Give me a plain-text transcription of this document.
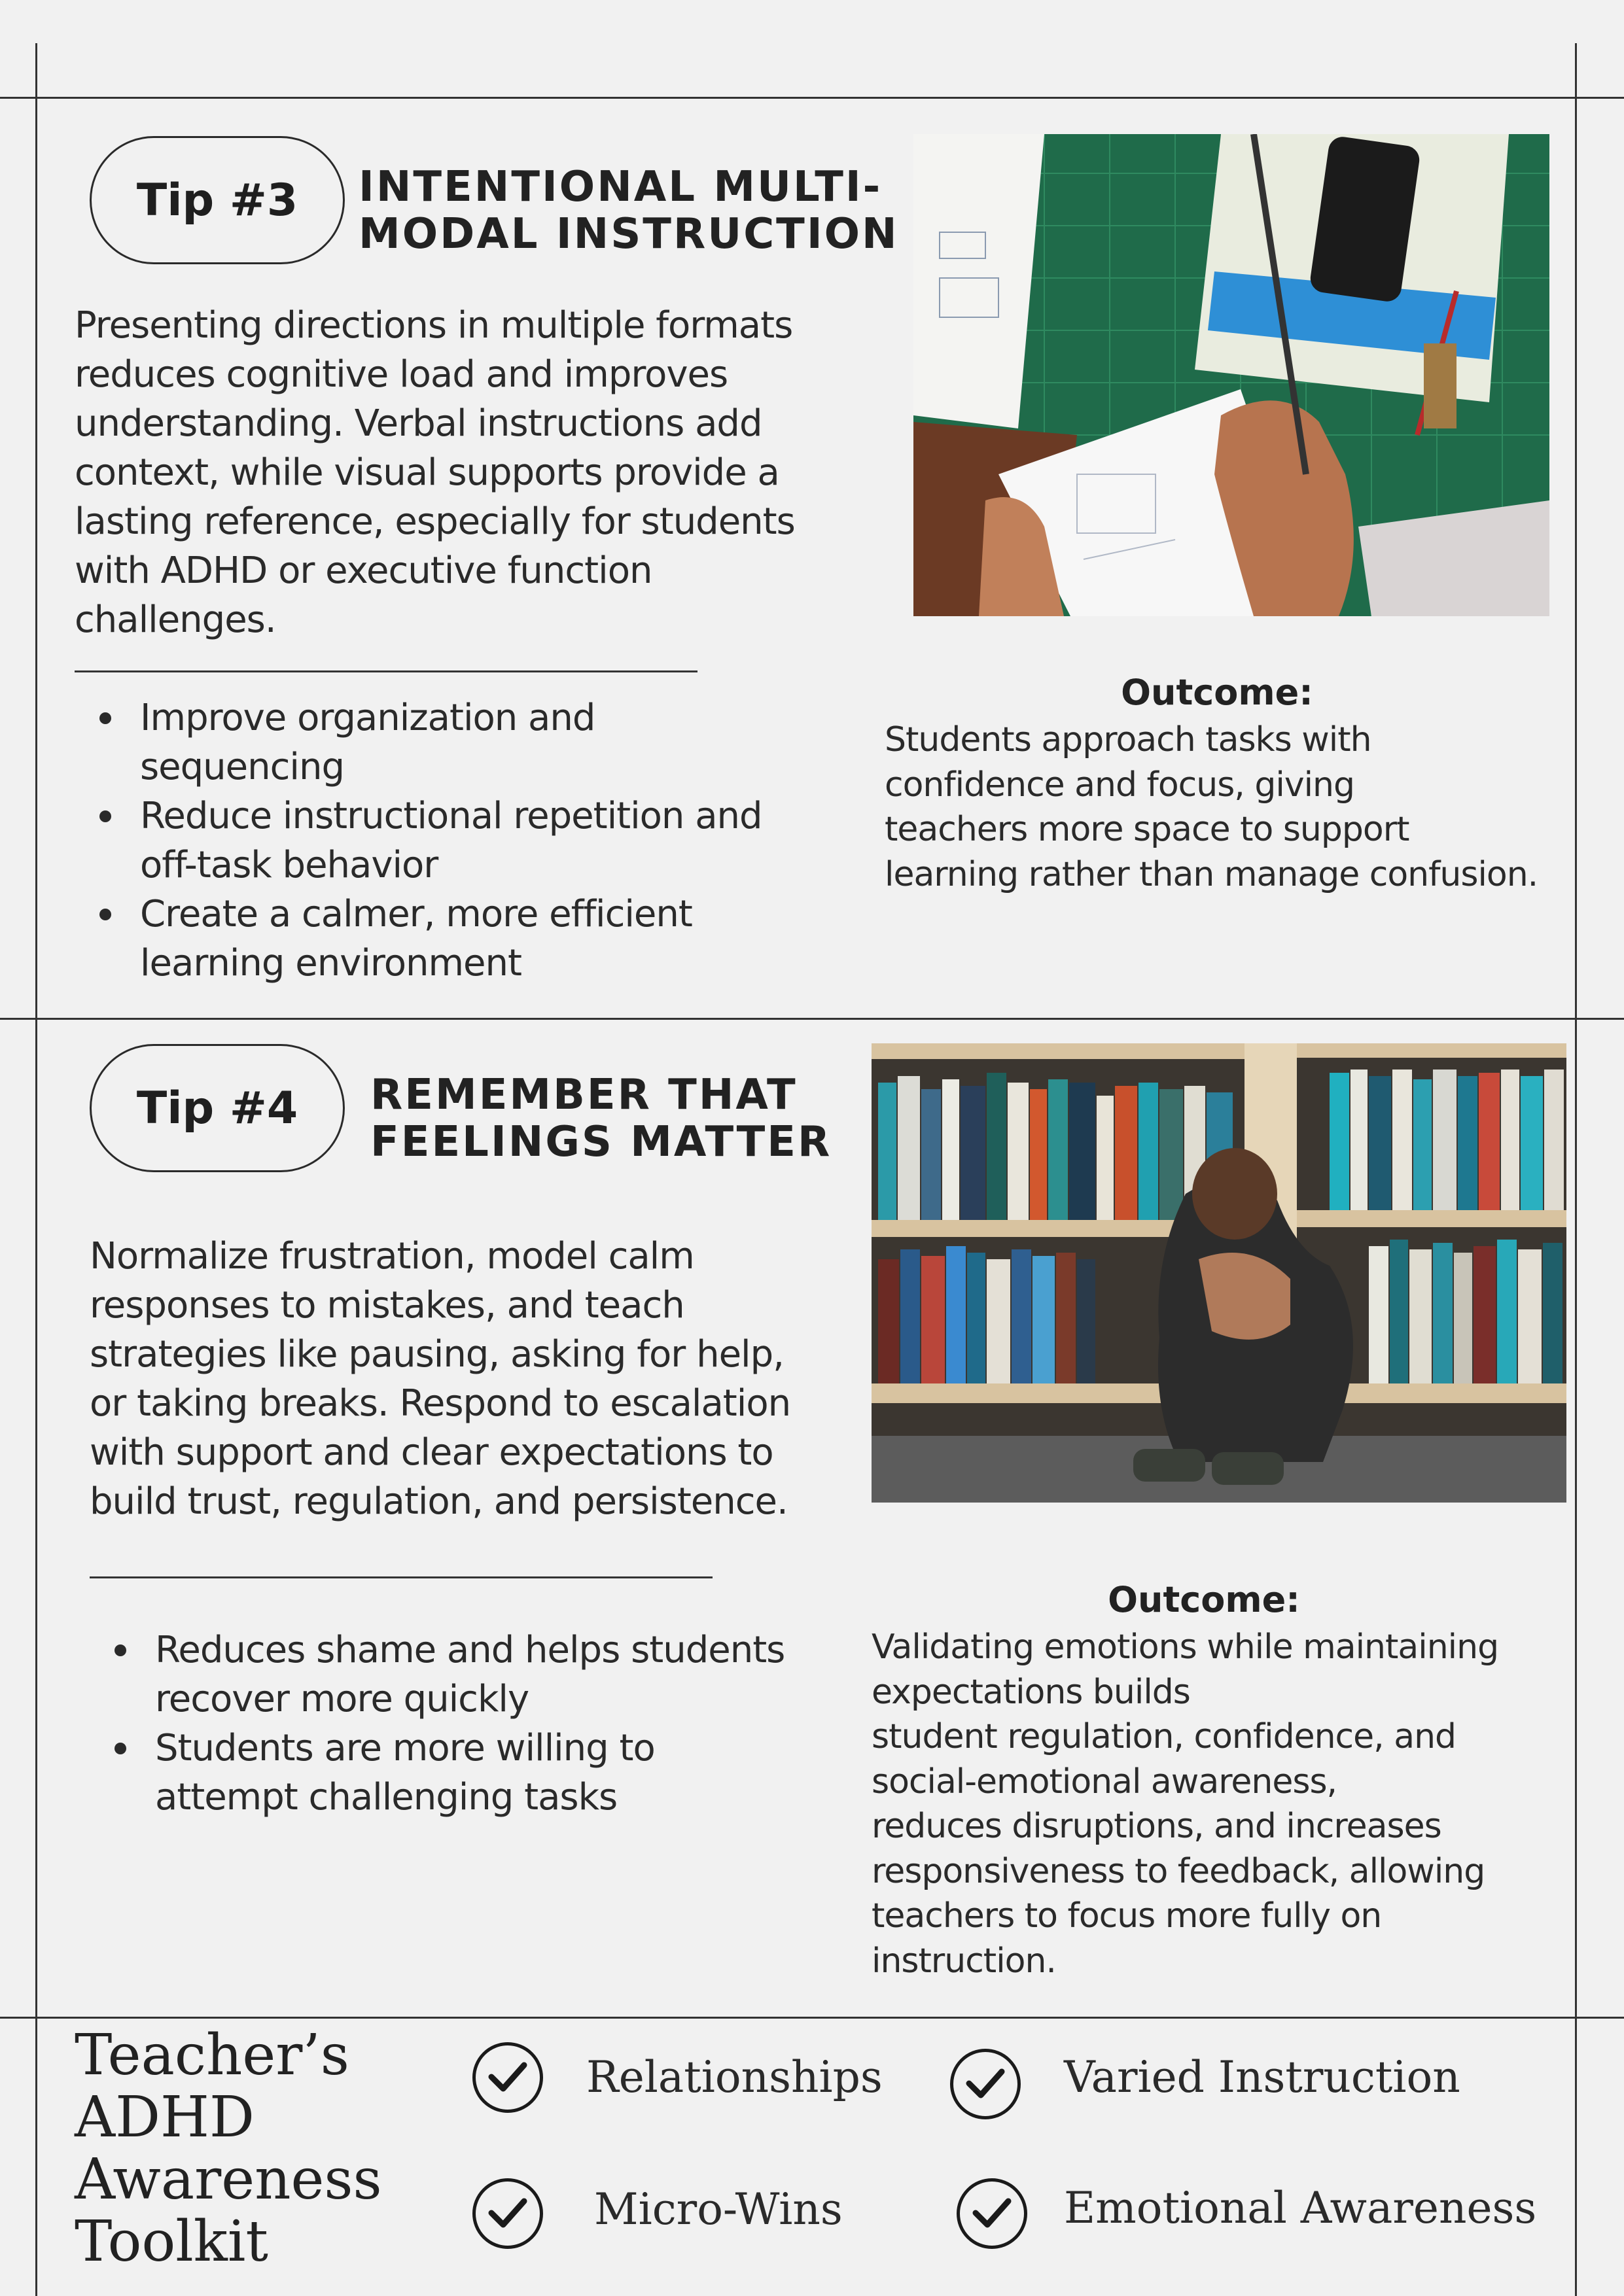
Tip #3	INTENTIONAL MULTI-
MODAL INSTRUCTION
Presenting directions in multiple formats
reduces cognitive load and improves
understanding. Verbal instructions add
context, while visual supports provide a
lasting reference, especially for students
with ADHD or executive function
challenges.
Improve organization and
sequencing
Reduce instructional repetition and
off-task behavior
Create a calmer, more efficient
learning environment
Outcome:
Students approach tasks with
confidence and focus, giving
teachers more space to support
learning rather than manage confusion.
Tip #4	REMEMBER THAT
FEELINGS MATTER
Normalize frustration, model calm
responses to mistakes, and teach
strategies like pausing, asking for help,
or taking breaks. Respond to escalation
with support and clear expectations to
build trust, regulation, and persistence.
Reduces shame and helps students
recover more quickly
Students are more willing to
attempt challenging tasks
Outcome:
Validating emotions while maintaining
expectations builds
student regulation, confidence, and
social-emotional awareness,
reduces disruptions, and increases
responsiveness to feedback, allowing
teachers to focus more fully on
instruction.
Teacher’s
ADHD
Awareness
Toolkit
Relationships	Varied Instruction
Micro-Wins	Emotional Awareness
